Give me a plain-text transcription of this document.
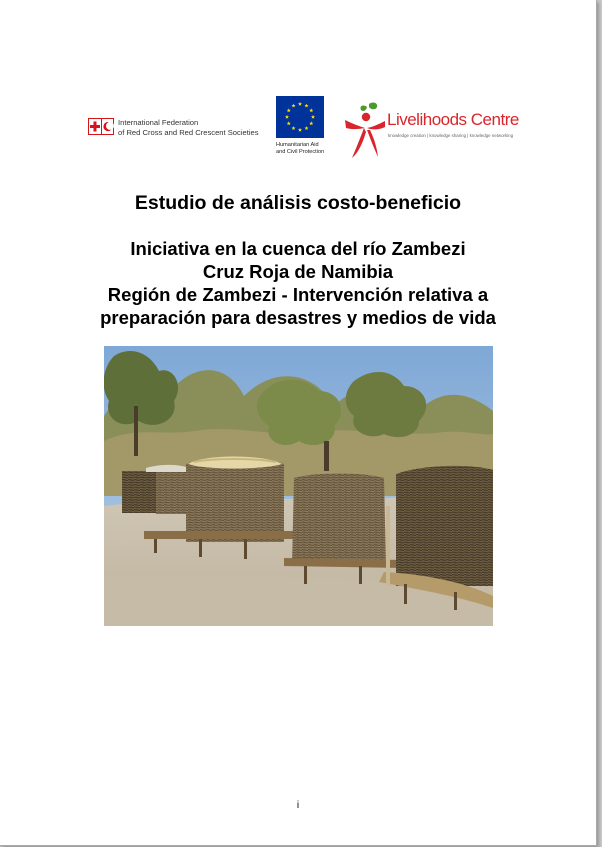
International Federation
of Red Cross and Red Crescent Societies
Humanitarian Aid
and Civil Protection
Livelihoods Centre
knowledge creation | knowledge sharing | knowledge networking
Estudio de análisis costo-beneficio
Iniciativa en la cuenca del río Zambezi
Cruz Roja de Namibia
Región de Zambezi - Intervención relativa a
preparación para desastres y medios de vida
i
